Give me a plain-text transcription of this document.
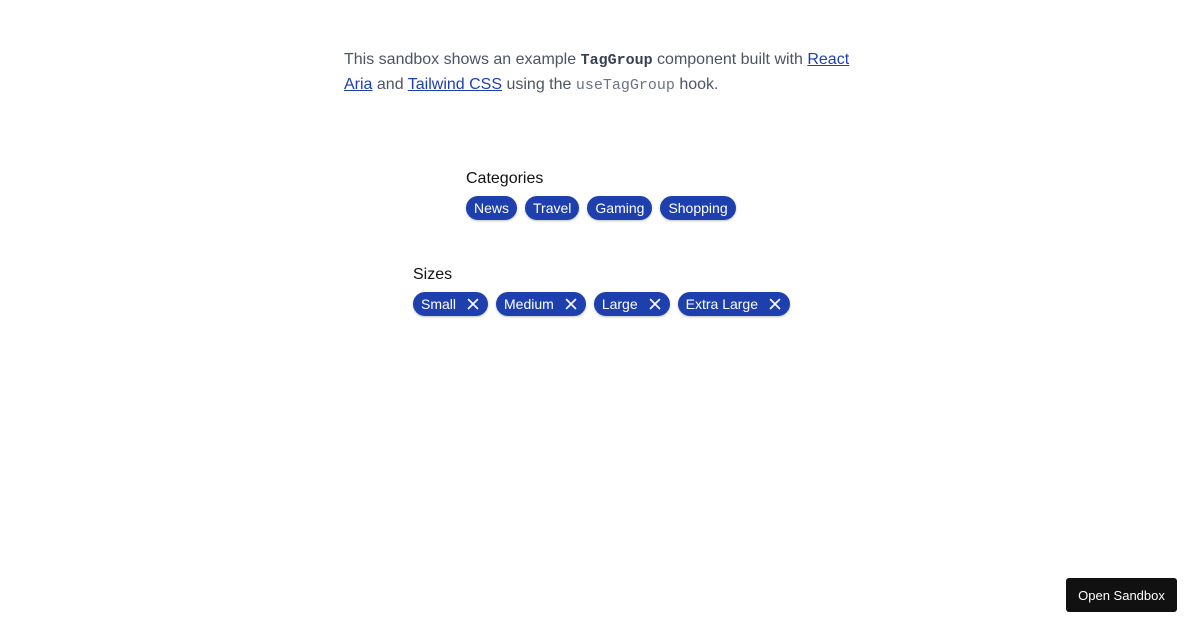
This sandbox shows an example TagGroup component built with React Aria and Tailwind CSS using the useTagGroup hook.

Categories
News	Travel	Gaming	Shopping
Sizes
Small	Medium	Large	Extra Large
Open Sandbox
